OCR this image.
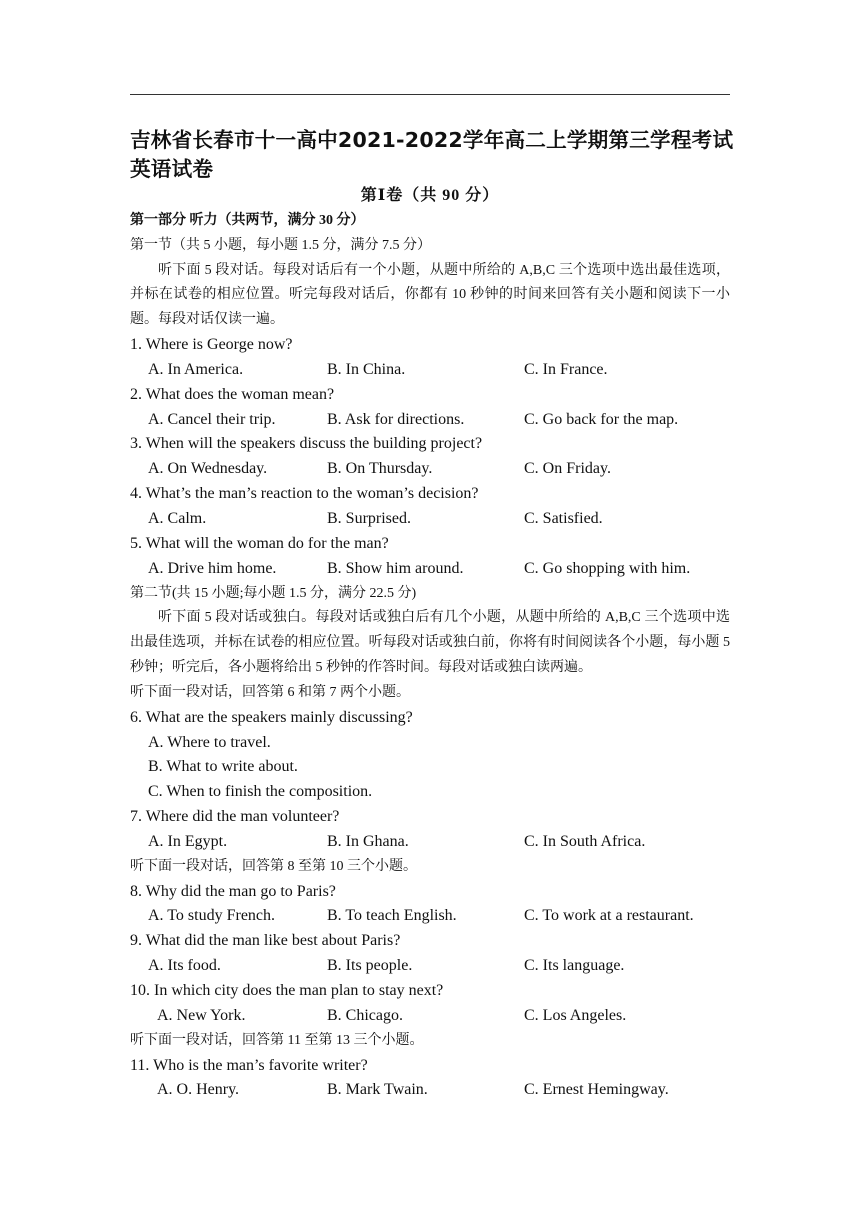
吉林省长春市十一高中2021-2022学年高二上学期第三学程考试英语试卷
第Ⅰ卷（共 90 分）
第一部分 听力（共两节，满分 30 分）
第一节（共 5 小题，每小题 1.5 分，满分 7.5 分）

听下面 5 段对话。每段对话后有一个小题，从题中所给的 A,B,C 三个选项中选出最佳选项，并标在试卷的相应位置。听完每段对话后，你都有 10 秒钟的时间来回答有关小题和阅读下一小题。每段对话仅读一遍。

1. Where is George now?
A. In America.	B. In China.	C. In France.
2. What does the woman mean?
A. Cancel their trip.	B. Ask for directions.	C. Go back for the map.
3. When will the speakers discuss the building project?
A. On Wednesday.	B. On Thursday.	C. On Friday.
4. What’s the man’s reaction to the woman’s decision?
A. Calm.	B. Surprised.	C. Satisfied.
5. What will the woman do for the man?
A. Drive him home.	B. Show him around.	C. Go shopping with him.
第二节(共 15 小题;每小题 1.5 分，满分 22.5 分)

听下面 5 段对话或独白。每段对话或独白后有几个小题，从题中所给的 A,B,C 三个选项中选出最佳选项，并标在试卷的相应位置。听每段对话或独白前，你将有时间阅读各个小题，每小题 5 秒钟；听完后，各小题将给出 5 秒钟的作答时间。每段对话或独白读两遍。

听下面一段对话，回答第 6 和第 7 两个小题。
6. What are the speakers mainly discussing?
A. Where to travel.
B. What to write about.
C. When to finish the composition.
7. Where did the man volunteer?
A. In Egypt.	B. In Ghana.	C. In South Africa.
听下面一段对话，回答第 8 至第 10 三个小题。
8. Why did the man go to Paris?
A. To study French.	B. To teach English.	C. To work at a restaurant.
9. What did the man like best about Paris?
A. Its food.	B. Its people.	C. Its language.
10. In which city does the man plan to stay next?
A. New York.	B. Chicago.	C. Los Angeles.
听下面一段对话，回答第 11 至第 13 三个小题。
11. Who is the man’s favorite writer?
A. O. Henry.	B. Mark Twain.	C. Ernest Hemingway.
